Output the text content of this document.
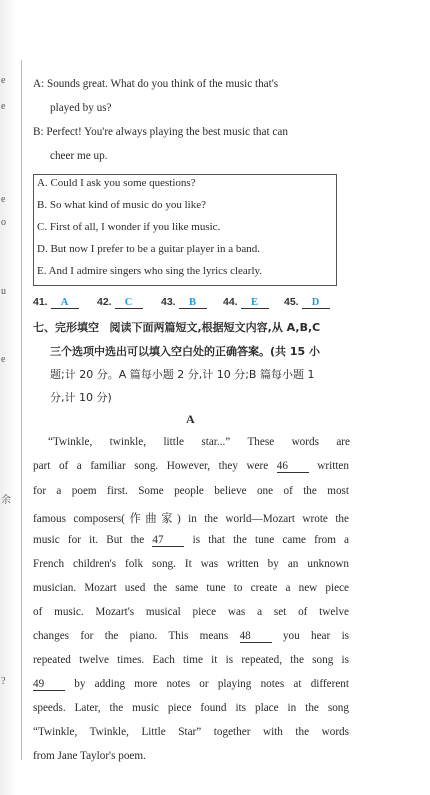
e
e
e
o
u
e
余
?
A: Sounds great. What do you think of the music that's
played by us?
B: Perfect! You're always playing the best music that can
cheer me up.
A. Could I ask you some questions?
B. So what kind of music do you like?
C. First of all, I wonder if you like music.
D. But now I prefer to be a guitar player in a band.
E. And I admire singers who sing the lyrics clearly.
41. A	42. C	43. B	44. E	45. D
七、完形填空 阅读下面两篇短文,根据短文内容,从 A,B,C
三个选项中选出可以填入空白处的正确答案。(共 15 小
题;计 20 分。A 篇每小题 2 分,计 10 分;B 篇每小题 1
分,计 10 分)
A
“Twinkle, twinkle, little star...” These words are
part of a familiar song. However, they were 46	written
for a poem first. Some people believe one of the most
famous composers(作曲家) in the world—Mozart wrote the
music for it. But the 47	is that the tune came from a
French children's folk song. It was written by an unknown
musician. Mozart used the same tune to create a new piece
of music. Mozart's musical piece was a set of twelve
changes for the piano. This means 48	you hear is
repeated twelve times. Each time it is repeated, the song is
49	by adding more notes or playing notes at different
speeds. Later, the music piece found its place in the song
“Twinkle, Twinkle, Little Star” together with the words
from Jane Taylor's poem.
